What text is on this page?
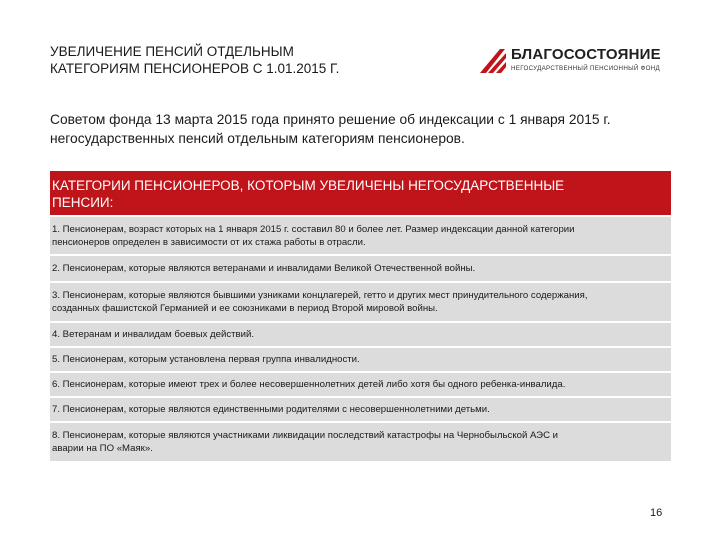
УВЕЛИЧЕНИЕ ПЕНСИЙ ОТДЕЛЬНЫМ
КАТЕГОРИЯМ ПЕНСИОНЕРОВ С 1.01.2015 Г.
БЛАГОСОСТОЯНИЕ
НЕГОСУДАРСТВЕННЫЙ ПЕНСИОННЫЙ ФОНД
Советом фонда 13 марта 2015 года принято решение об индексации с 1 января 2015 г.
негосударственных пенсий отдельным категориям пенсионеров.
КАТЕГОРИИ ПЕНСИОНЕРОВ, КОТОРЫМ УВЕЛИЧЕНЫ НЕГОСУДАРСТВЕННЫЕ
ПЕНСИИ:
1. Пенсионерам, возраст которых на 1 января 2015 г. составил 80 и более лет. Размер индексации данной категории
пенсионеров определен в зависимости от их стажа работы в отрасли.
2. Пенсионерам, которые являются ветеранами и инвалидами Великой Отечественной войны.
3. Пенсионерам, которые являются бывшими узниками концлагерей, гетто и других мест принудительного содержания,
созданных фашистской Германией и ее союзниками в период Второй мировой войны.
4. Ветеранам и инвалидам боевых действий.
5. Пенсионерам, которым установлена первая группа инвалидности.
6. Пенсионерам, которые имеют трех и более несовершеннолетних детей либо хотя бы одного ребенка-инвалида.
7. Пенсионерам, которые являются единственными родителями с несовершеннолетними детьми.
8. Пенсионерам, которые являются участниками ликвидации последствий катастрофы на Чернобыльской АЭС и
аварии на ПО «Маяк».
16
